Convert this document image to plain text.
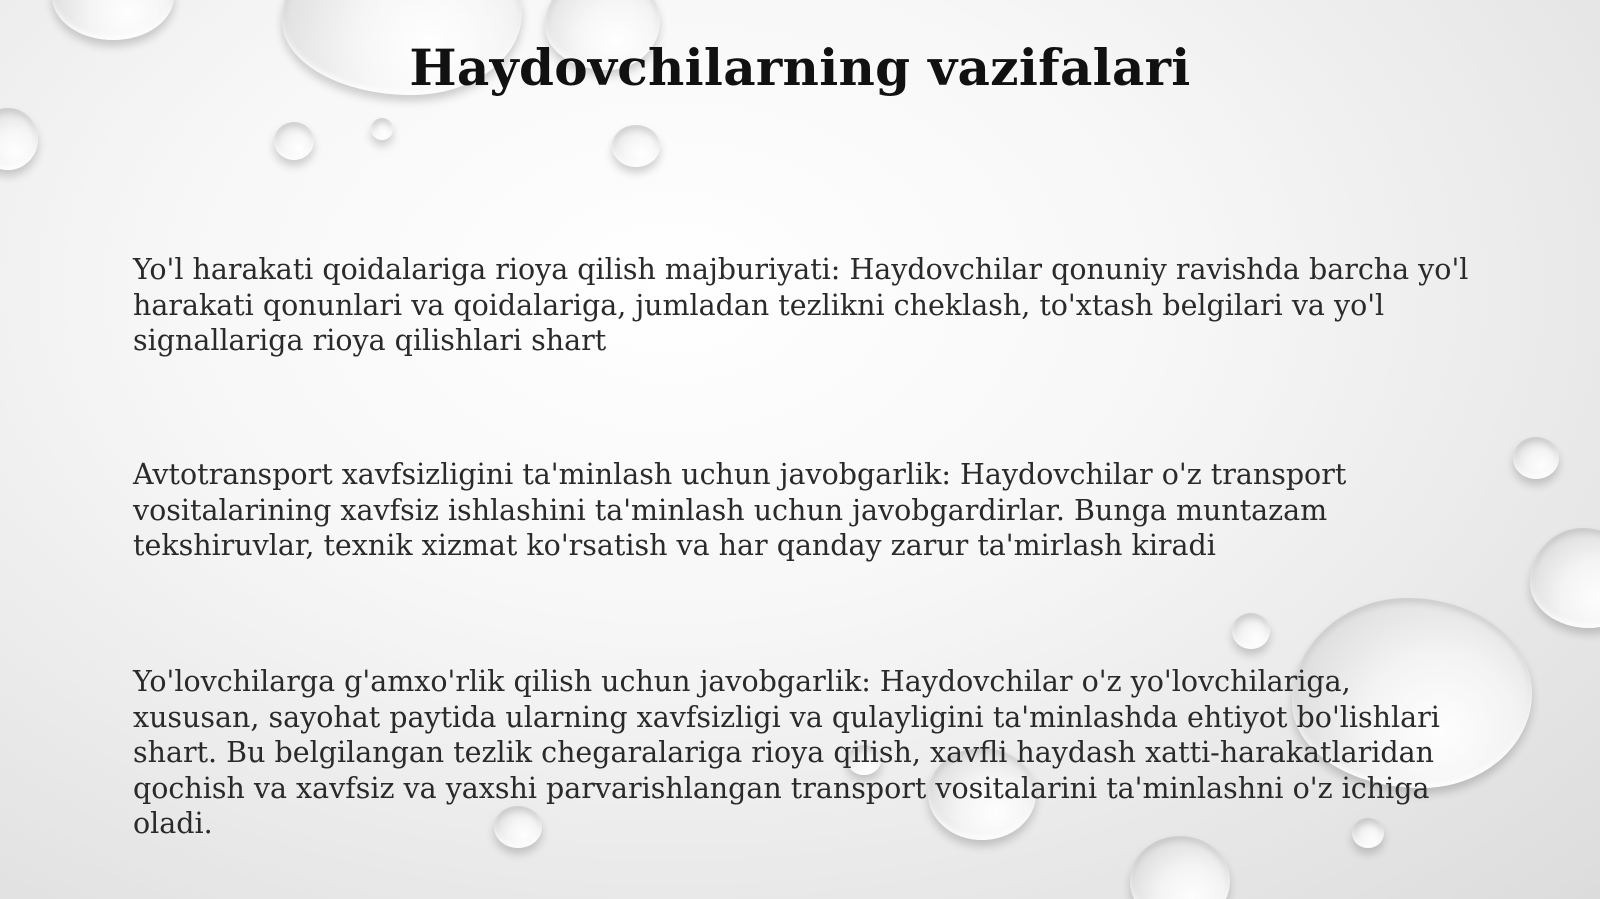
Haydovchilarning vazifalari

Yo'l harakati qoidalariga rioya qilish majburiyati: Haydovchilar qonuniy ravishda barcha yo'l harakati qonunlari va qoidalariga, jumladan tezlikni cheklash, to'xtash belgilari va yo'l signallariga rioya qilishlari shart

Avtotransport xavfsizligini ta'minlash uchun javobgarlik: Haydovchilar o'z transport vositalarining xavfsiz ishlashini ta'minlash uchun javobgardirlar. Bunga muntazam tekshiruvlar, texnik xizmat ko'rsatish va har qanday zarur ta'mirlash kiradi

Yo'lovchilarga g'amxo'rlik qilish uchun javobgarlik: Haydovchilar o'z yo'lovchilariga, xususan, sayohat paytida ularning xavfsizligi va qulayligini ta'minlashda ehtiyot bo'lishlari shart. Bu belgilangan tezlik chegaralariga rioya qilish, xavfli haydash xatti-harakatlaridan qochish va xavfsiz va yaxshi parvarishlangan transport vositalarini ta'minlashni o'z ichiga oladi.
